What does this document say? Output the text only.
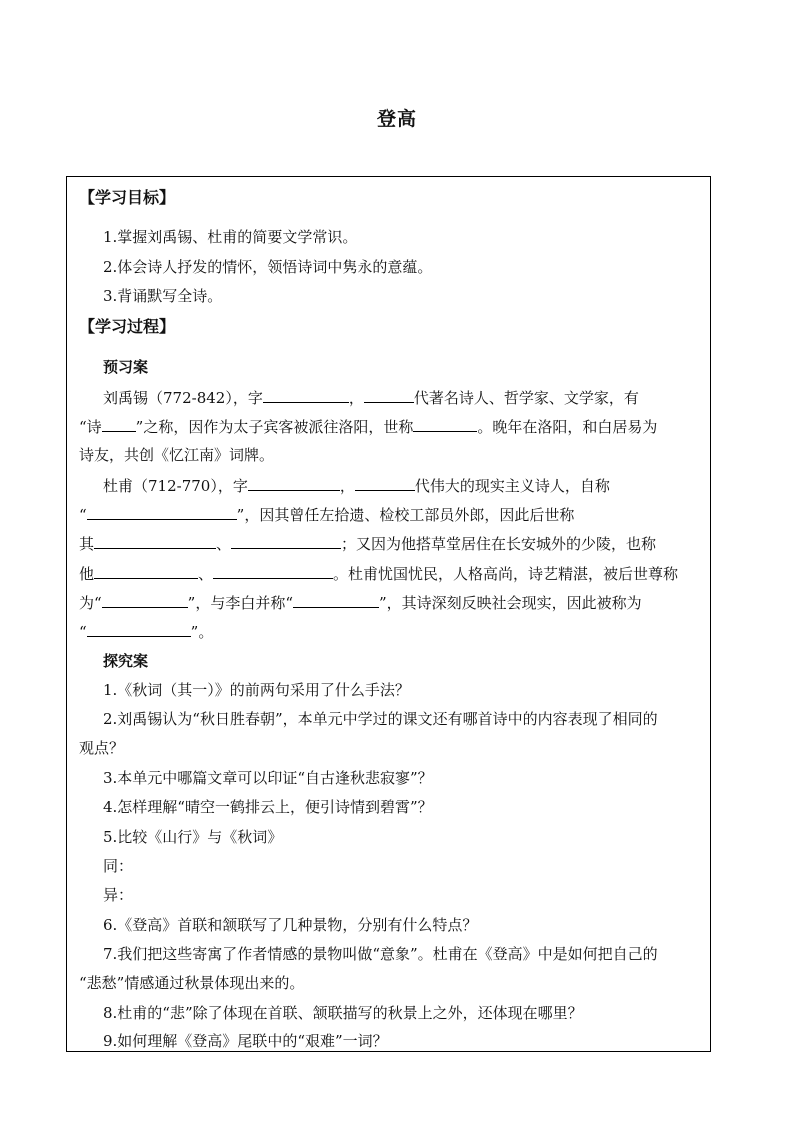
登高
【学习目标】
1.掌握刘禹锡、杜甫的简要文学常识。
2.体会诗人抒发的情怀，领悟诗词中隽永的意蕴。
3.背诵默写全诗。
【学习过程】
预习案
刘禹锡（772-842），字	，	代著名诗人、哲学家、文学家，有
“诗 ”之称，因作为太子宾客被派往洛阳，世称	。晚年在洛阳，和白居易为
诗友，共创《忆江南》词牌。
杜甫（712-770），字	，	代伟大的现实主义诗人，自称
“	”，因其曾任左拾遗、检校工部员外郎，因此后世称
其	、	；又因为他搭草堂居住在长安城外的少陵，也称
他	、	。杜甫忧国忧民，人格高尚，诗艺精湛，被后世尊称
为“	”，与李白并称“	”，其诗深刻反映社会现实，因此被称为
“	”。
探究案
1.《秋词（其一）》的前两句采用了什么手法？
2.刘禹锡认为“秋日胜春朝”，本单元中学过的课文还有哪首诗中的内容表现了相同的
观点？
3.本单元中哪篇文章可以印证“自古逢秋悲寂寥”？
4.怎样理解“晴空一鹤排云上，便引诗情到碧霄”？
5.比较《山行》与《秋词》
同：
异：
6.《登高》首联和颔联写了几种景物，分别有什么特点？
7.我们把这些寄寓了作者情感的景物叫做“意象”。杜甫在《登高》中是如何把自己的
“悲愁”情感通过秋景体现出来的。
8.杜甫的“悲”除了体现在首联、颔联描写的秋景上之外，还体现在哪里？
9.如何理解《登高》尾联中的“艰难”一词？
